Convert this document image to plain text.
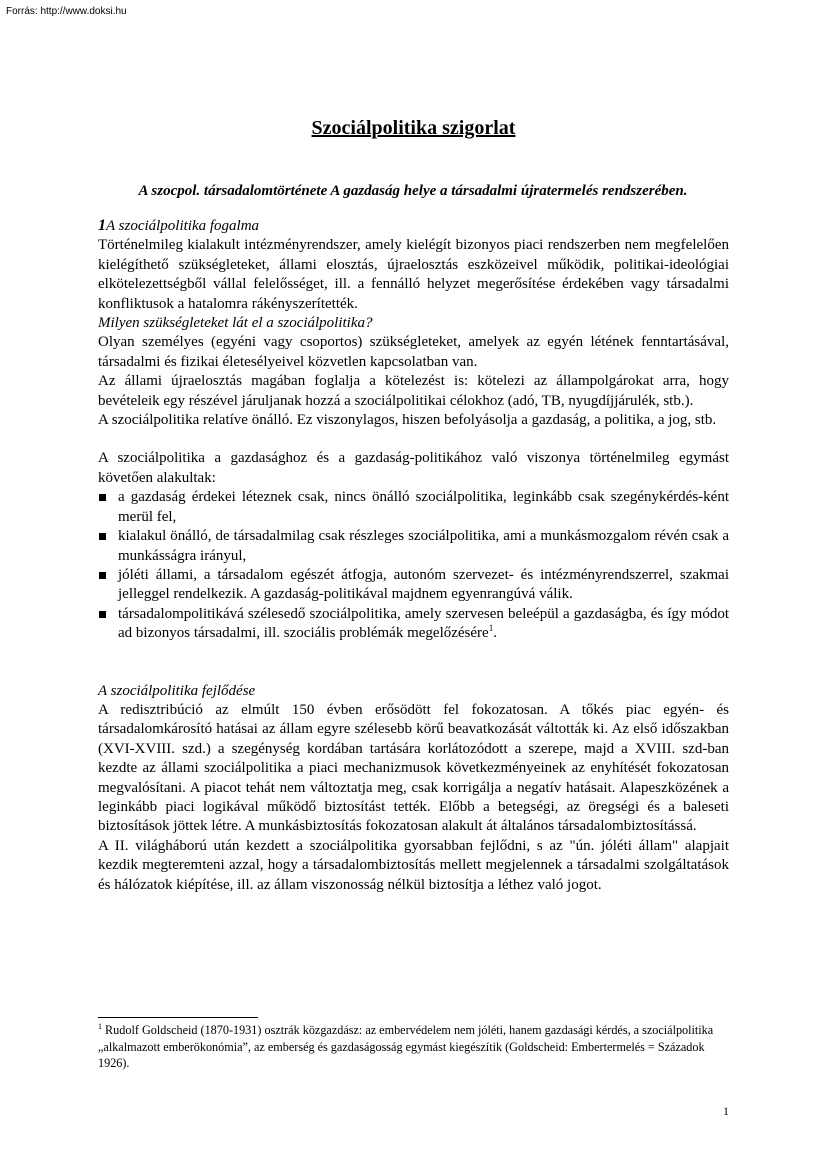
Forrás: http://www.doksi.hu
Szociálpolitika szigorlat

A szocpol. társadalomtörténete A gazdaság helye a társadalmi újratermelés rendszerében.

1A szociálpolitika fogalma

Történelmileg kialakult intézményrendszer, amely kielégít bizonyos piaci rendszerben nem megfelelően kielégíthető szükségleteket, állami elosztás, újraelosztás eszközeivel működik, politikai-ideológiai elkötelezettségből vállal felelősséget, ill. a fennálló helyzet megerősítése érdekében vagy társadalmi konfliktusok a hatalomra rákényszerítették.

Milyen szükségleteket lát el a szociálpolitika?

Olyan személyes (egyéni vagy csoportos) szükségleteket, amelyek az egyén létének fenntartásával, társadalmi és fizikai életesélyeivel közvetlen kapcsolatban van.

Az állami újraelosztás magában foglalja a kötelezést is: kötelezi az állampolgárokat arra, hogy bevételeik egy részével járuljanak hozzá a szociálpolitikai célokhoz (adó, TB, nyugdíjjárulék, stb.).

A szociálpolitika relatíve önálló. Ez viszonylagos, hiszen befolyásolja a gazdaság, a politika, a jog, stb.

A szociálpolitika a gazdasághoz és a gazdaság-politikához való viszonya történelmileg egymást követően alakultak:

a gazdaság érdekei léteznek csak, nincs önálló szociálpolitika, leginkább csak szegénykérdés-ként merül fel,
kialakul önálló, de társadalmilag csak részleges szociálpolitika, ami a munkásmozgalom révén csak a munkásságra irányul,
jóléti állami, a társadalom egészét átfogja, autonóm szervezet- és intézményrendszerrel, szakmai jelleggel rendelkezik. A gazdaság-politikával majdnem egyenrangúvá válik.
társadalompolitikává szélesedő szociálpolitika, amely szervesen beleépül a gazdaságba, és így módot ad bizonyos társadalmi, ill. szociális problémák megelőzésére$^1$.

A szociálpolitika fejlődése

A redisztribúció az elmúlt 150 évben erősödött fel fokozatosan. A tőkés piac egyén- és társadalomkárosító hatásai az állam egyre szélesebb körű beavatkozását váltották ki. Az első időszakban (XVI-XVIII. szd.) a szegénység kordában tartására korlátozódott a szerepe, majd a XVIII. szd-ban kezdte az állami szociálpolitika a piaci mechanizmusok következményeinek az enyhítését fokozatosan megvalósítani. A piacot tehát nem változtatja meg, csak korrigálja a negatív hatásait. Alapeszközének a leginkább piaci logikával működő biztosítást tették. Előbb a betegségi, az öregségi és a baleseti biztosítások jöttek létre. A munkásbiztosítás fokozatosan alakult át általános társadalombiztosítássá.

A II. világháború után kezdett a szociálpolitika gyorsabban fejlődni, s az "ún. jóléti állam" alapjait kezdik megteremteni azzal, hogy a társadalombiztosítás mellett megjelennek a társadalmi szolgáltatások és hálózatok kiépítése, ill. az állam viszonosság nélkül biztosítja a léthez való jogot.

$^1$ Rudolf Goldscheid (1870-1931) osztrák közgazdász: az embervédelem nem jóléti, hanem gazdasági kérdés, a szociálpolitika „alkalmazott emberökonómia”, az emberség és gazdaságosság egymást kiegészítik (Goldscheid: Embertermelés = Századok 1926).

1
